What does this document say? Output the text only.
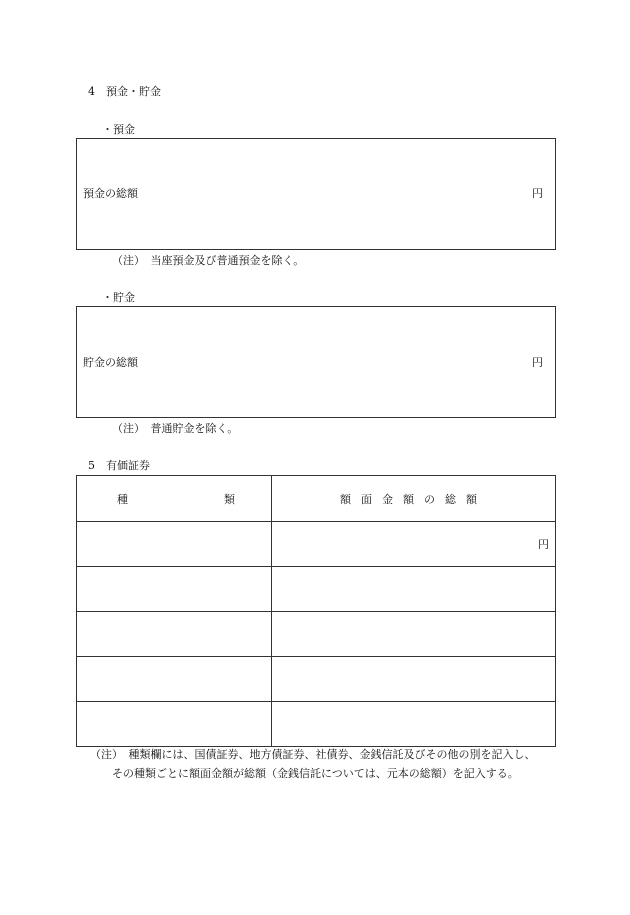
4　預金・貯金
・預金
預金の総額	円
（注）　当座預金及び普通預金を除く。
・貯金
貯金の総額	円
（注）　普通貯金を除く。
5　有価証券
種 類	額面金額の総額
	円

（注）　種類欄には、国債証券、地方債証券、社債券、金銭信託及びその他の別を記入し、
その種類ごとに額面金額が総額（金銭信託については、元本の総額）を記入する。
